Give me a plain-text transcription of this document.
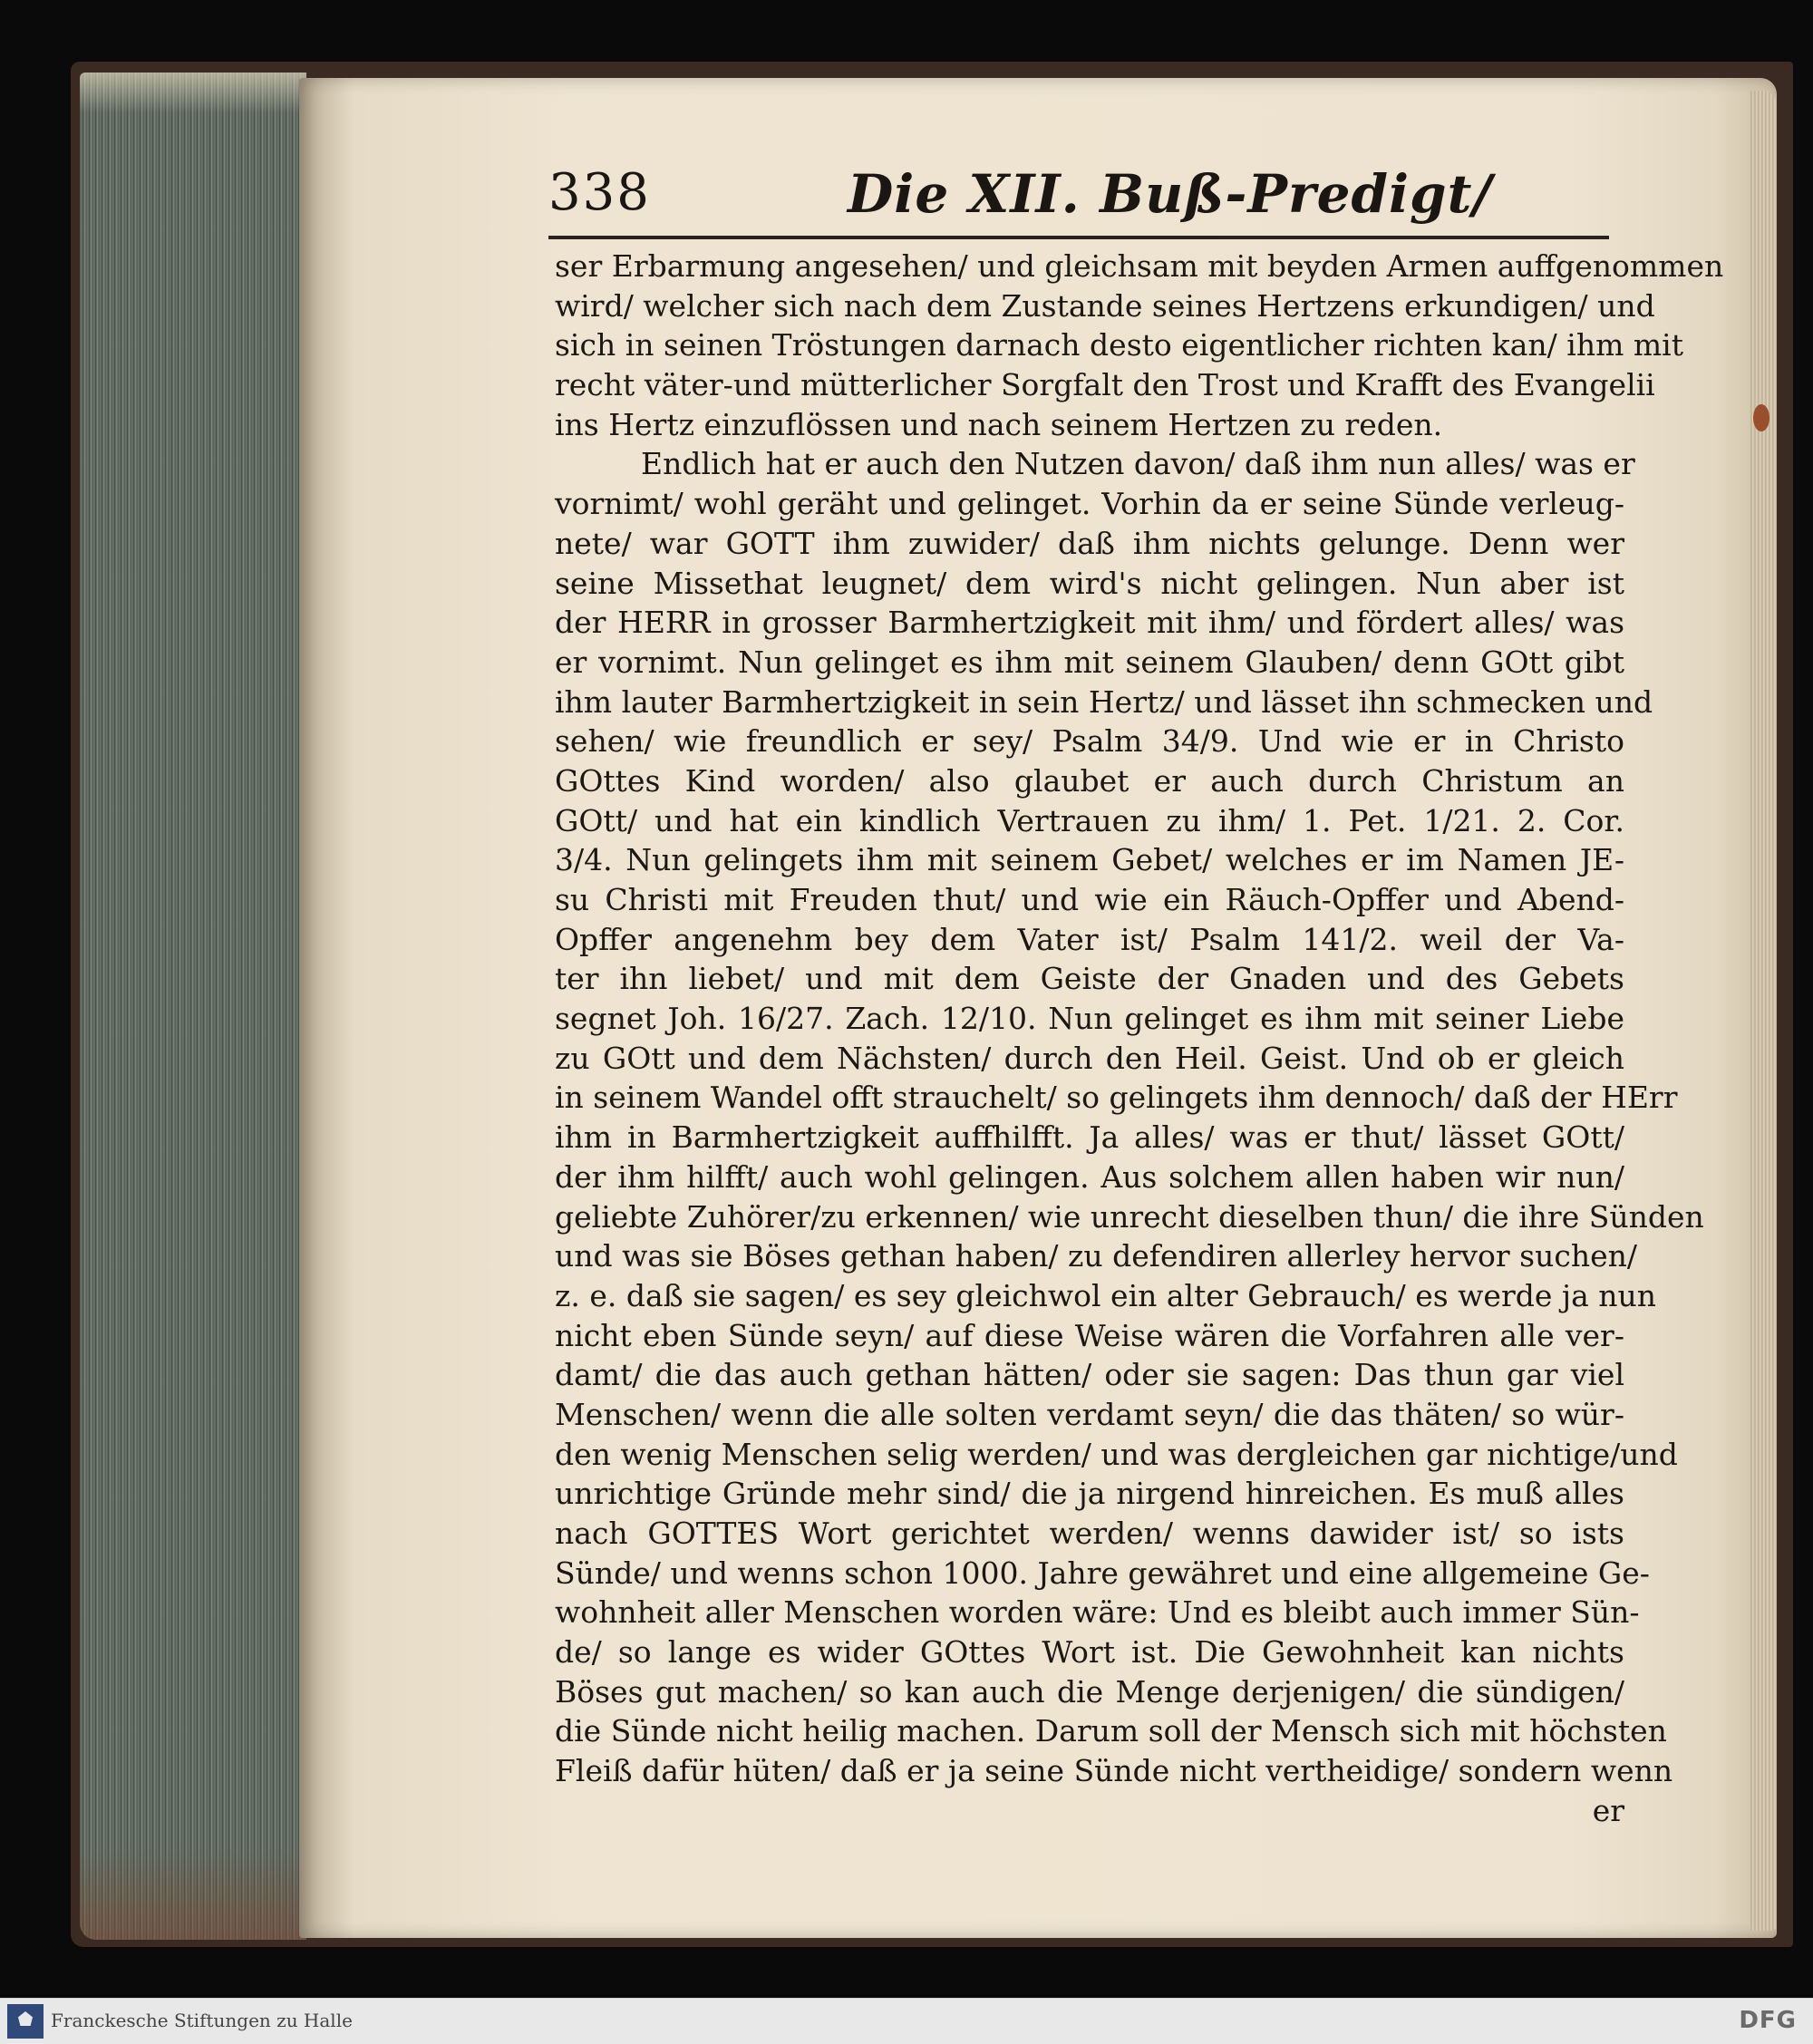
338	Die XII. Buß-Predigt/
ser Erbarmung angesehen/ und gleichsam mit beyden Armen auffgenommen
wird/ welcher sich nach dem Zustande seines Hertzens erkundigen/ und
sich in seinen Tröstungen darnach desto eigentlicher richten kan/ ihm mit
recht väter-und mütterlicher Sorgfalt den Trost und Krafft des Evangelii
ins Hertz einzuflössen und nach seinem Hertzen zu reden.
Endlich hat er auch den Nutzen davon/ daß ihm nun alles/ was er
vornimt/ wohl geräht und gelinget. Vorhin da er seine Sünde verleug-
nete/ war GOTT ihm zuwider/ daß ihm nichts gelunge. Denn wer
seine Missethat leugnet/ dem wird's nicht gelingen. Nun aber ist
der HERR in grosser Barmhertzigkeit mit ihm/ und fördert alles/ was
er vornimt. Nun gelinget es ihm mit seinem Glauben/ denn GOtt gibt
ihm lauter Barmhertzigkeit in sein Hertz/ und lässet ihn schmecken und
sehen/ wie freundlich er sey/ Psalm 34/9. Und wie er in Christo
GOttes Kind worden/ also glaubet er auch durch Christum an
GOtt/ und hat ein kindlich Vertrauen zu ihm/ 1. Pet. 1/21. 2. Cor.
3/4. Nun gelingets ihm mit seinem Gebet/ welches er im Namen JE-
su Christi mit Freuden thut/ und wie ein Räuch-Opffer und Abend-
Opffer angenehm bey dem Vater ist/ Psalm 141/2. weil der Va-
ter ihn liebet/ und mit dem Geiste der Gnaden und des Gebets
segnet Joh. 16/27. Zach. 12/10. Nun gelinget es ihm mit seiner Liebe
zu GOtt und dem Nächsten/ durch den Heil. Geist. Und ob er gleich
in seinem Wandel offt strauchelt/ so gelingets ihm dennoch/ daß der HErr
ihm in Barmhertzigkeit auffhilfft. Ja alles/ was er thut/ lässet GOtt/
der ihm hilfft/ auch wohl gelingen. Aus solchem allen haben wir nun/
geliebte Zuhörer/zu erkennen/ wie unrecht dieselben thun/ die ihre Sünden
und was sie Böses gethan haben/ zu defendiren allerley hervor suchen/
z. e. daß sie sagen/ es sey gleichwol ein alter Gebrauch/ es werde ja nun
nicht eben Sünde seyn/ auf diese Weise wären die Vorfahren alle ver-
damt/ die das auch gethan hätten/ oder sie sagen: Das thun gar viel
Menschen/ wenn die alle solten verdamt seyn/ die das thäten/ so wür-
den wenig Menschen selig werden/ und was dergleichen gar nichtige/und
unrichtige Gründe mehr sind/ die ja nirgend hinreichen. Es muß alles
nach GOTTES Wort gerichtet werden/ wenns dawider ist/ so ists
Sünde/ und wenns schon 1000. Jahre gewähret und eine allgemeine Ge-
wohnheit aller Menschen worden wäre: Und es bleibt auch immer Sün-
de/ so lange es wider GOttes Wort ist. Die Gewohnheit kan nichts
Böses gut machen/ so kan auch die Menge derjenigen/ die sündigen/
die Sünde nicht heilig machen. Darum soll der Mensch sich mit höchsten
Fleiß dafür hüten/ daß er ja seine Sünde nicht vertheidige/ sondern wenn
er
Franckesche Stiftungen zu Halle	DFG
